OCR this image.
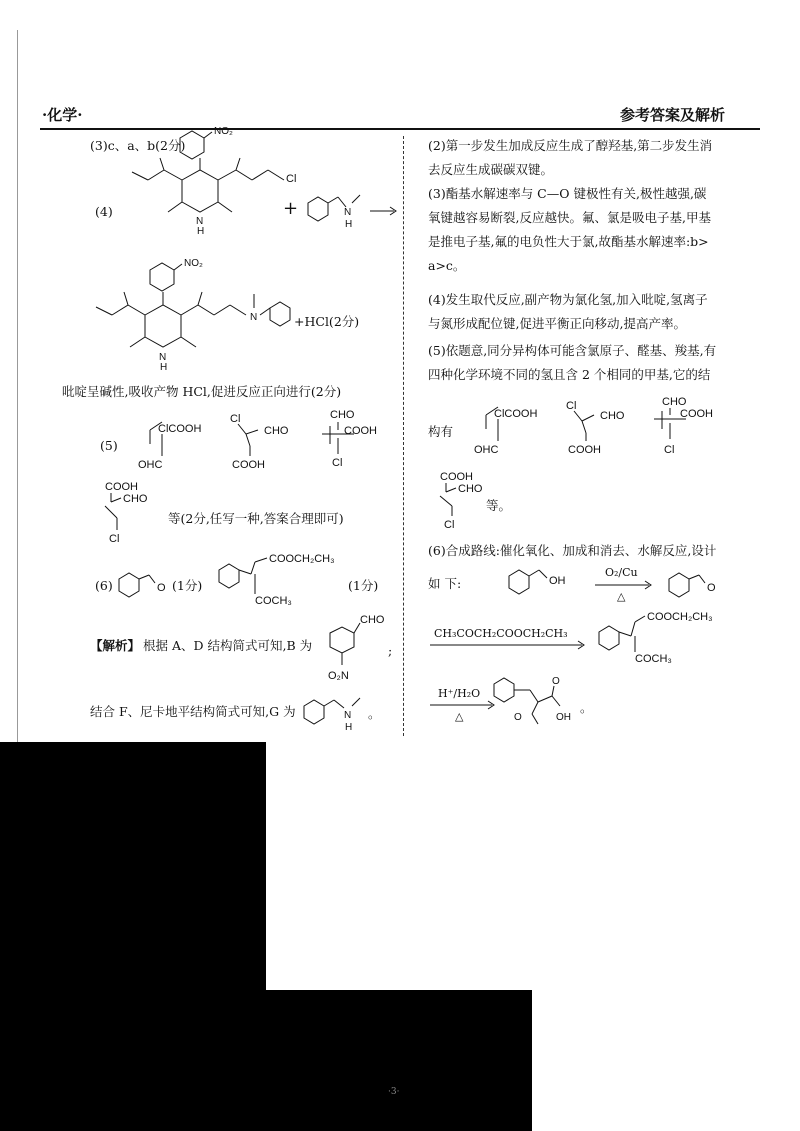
·化学·	参考答案及解析
(3)c、a、b(2分)
(4)
NO₂
Cl
N
H
+	N
H
NO₂
N
N
H
+HCl(2分)
吡啶呈碱性,吸收产物 HCl,促进反应正向进行(2分)
(5)
ClCOOH
OHC
Cl
CHO
COOH
CHO
COOH
Cl
COOH
CHO
Cl
等(2分,任写一种,答案合理即可)
(6)	O (1分)
COOCH₂CH₃
COCH₃
(1分)
【解析】 根据 A、D 结构简式可知,B 为
CHO
O₂N
;
结合 F、尼卡地平结构简式可知,G 为	N
H
。
(2)第一步发生加成反应生成了醇羟基,第二步发生消
去反应生成碳碳双键。
(3)酯基水解速率与 C—O 键极性有关,极性越强,碳
氧键越容易断裂,反应越快。氟、氯是吸电子基,甲基
是推电子基,氟的电负性大于氯,故酯基水解速率:b>
a>c。
(4)发生取代反应,副产物为氯化氢,加入吡啶,氢离子
与氮形成配位键,促进平衡正向移动,提高产率。
(5)依题意,同分异构体可能含氯原子、醛基、羧基,有
四种化学环境不同的氢且含 2 个相同的甲基,它的结
构有
ClCOOH
OHC
Cl
CHO
COOH
CHO
COOH
Cl
COOH
CHO
Cl
等。
(6)合成路线:催化氧化、加成和消去、水解反应,设计
如 下:	OH
O₂/Cu
△
O
CH₃COCH₂COOCH₂CH₃
COOCH₂CH₃
COCH₃
H⁺/H₂O
△
O
OH
O
。
·3·
